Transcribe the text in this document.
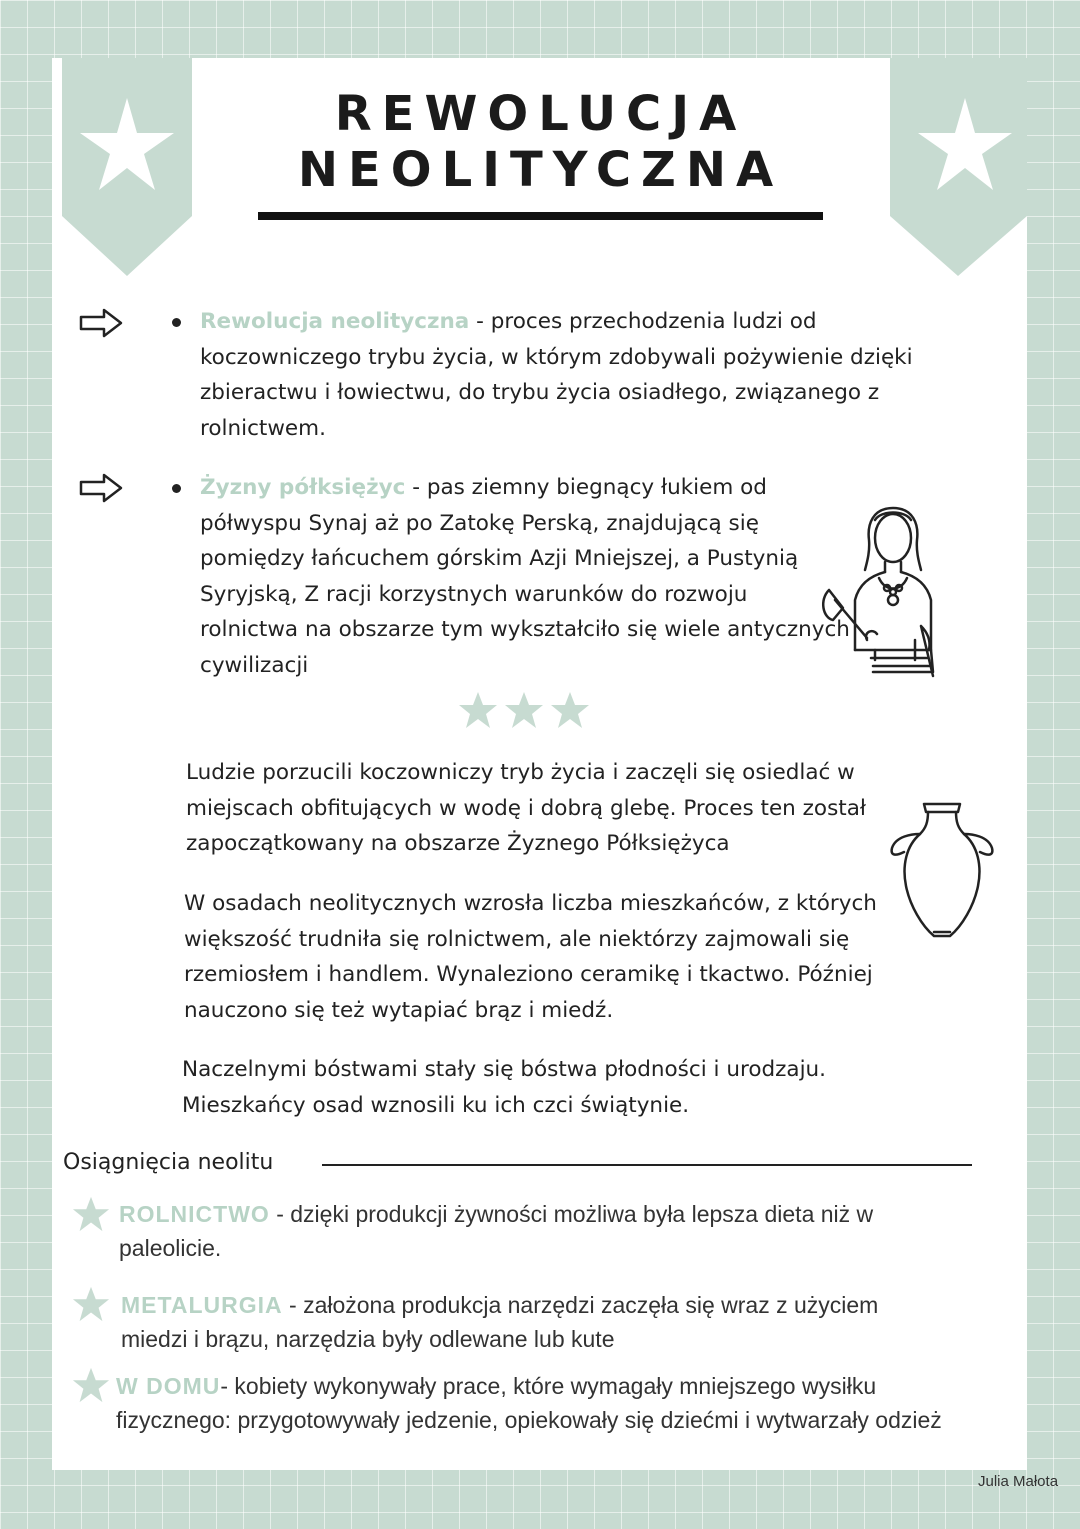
REWOLUCJA
NEOLITYCZNA
Rewolucja neolityczna - proces przechodzenia ludzi od koczowniczego trybu życia, w którym zdobywali pożywienie dzięki zbieractwu i łowiectwu, do trybu życia osiadłego, związanego z rolnictwem.
Żyzny półksiężyc - pas ziemny biegnący łukiem od półwyspu Synaj aż po Zatokę Perską, znajdującą się pomiędzy łańcuchem górskim Azji Mniejszej, a Pustynią Syryjską, Z racji korzystnych warunków do rozwoju rolnictwa na obszarze tym wykształciło się wiele antycznych cywilizacji
Ludzie porzucili koczowniczy tryb życia i zaczęli się osiedlać w miejscach obfitujących w wodę i dobrą glebę. Proces ten został zapoczątkowany na obszarze Żyznego Półksiężyca
W osadach neolitycznych wzrosła liczba mieszkańców, z których większość trudniła się rolnictwem, ale niektórzy zajmowali się rzemiosłem i handlem. Wynaleziono ceramikę i tkactwo. Później nauczono się też wytapiać brąz i miedź.
Naczelnymi bóstwami stały się bóstwa płodności i urodzaju. Mieszkańcy osad wznosili ku ich czci świątynie.
Osiągnięcia neolitu
ROLNICTWO - dzięki produkcji żywności możliwa była lepsza dieta niż w paleolicie.
METALURGIA - założona produkcja narzędzi zaczęła się wraz z użyciem miedzi i brązu, narzędzia były odlewane lub kute
W DOMU- kobiety wykonywały prace, które wymagały mniejszego wysiłku fizycznego: przygotowywały jedzenie, opiekowały się dziećmi i wytwarzały odzież
Julia Małota
